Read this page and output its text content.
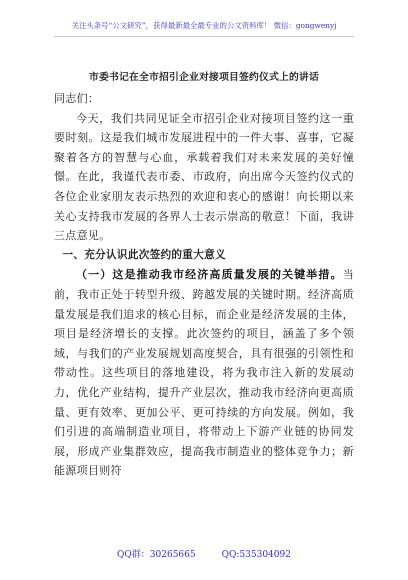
关注头条号“公文研究”，获得最新最全最专业的公文资料库！ 微信：gongwenyj
市委书记在全市招引企业对接项目签约仪式上的讲话

同志们：

今天，我们共同见证全市招引企业对接项目签约这一重要时刻。这是我们城市发展进程中的一件大事、喜事，它凝聚着各方的智慧与心血，承载着我们对未来发展的美好憧憬。在此，我谨代表市委、市政府，向出席今天签约仪式的各位企业家朋友表示热烈的欢迎和衷心的感谢！向长期以来关心支持我市发展的各界人士表示崇高的敬意！下面，我讲三点意见。

一、充分认识此次签约的重大意义

（一）这是推动我市经济高质量发展的关键举措。当前，我市正处于转型升级、跨越发展的关键时期。经济高质量发展是我们追求的核心目标，而企业是经济发展的主体，项目是经济增长的支撑。此次签约的项目，涵盖了多个领域，与我们的产业发展规划高度契合，具有很强的引领性和带动性。这些项目的落地建设，将为我市注入新的发展动力，优化产业结构，提升产业层次，推动我市经济向更高质量、更有效率、更加公平、更可持续的方向发展。例如，我们引进的高端制造业项目，将带动上下游产业链的协同发展，形成产业集群效应，提高我市制造业的整体竞争力；新能源项目则符

QQ群：30265665	QQ:535304092
